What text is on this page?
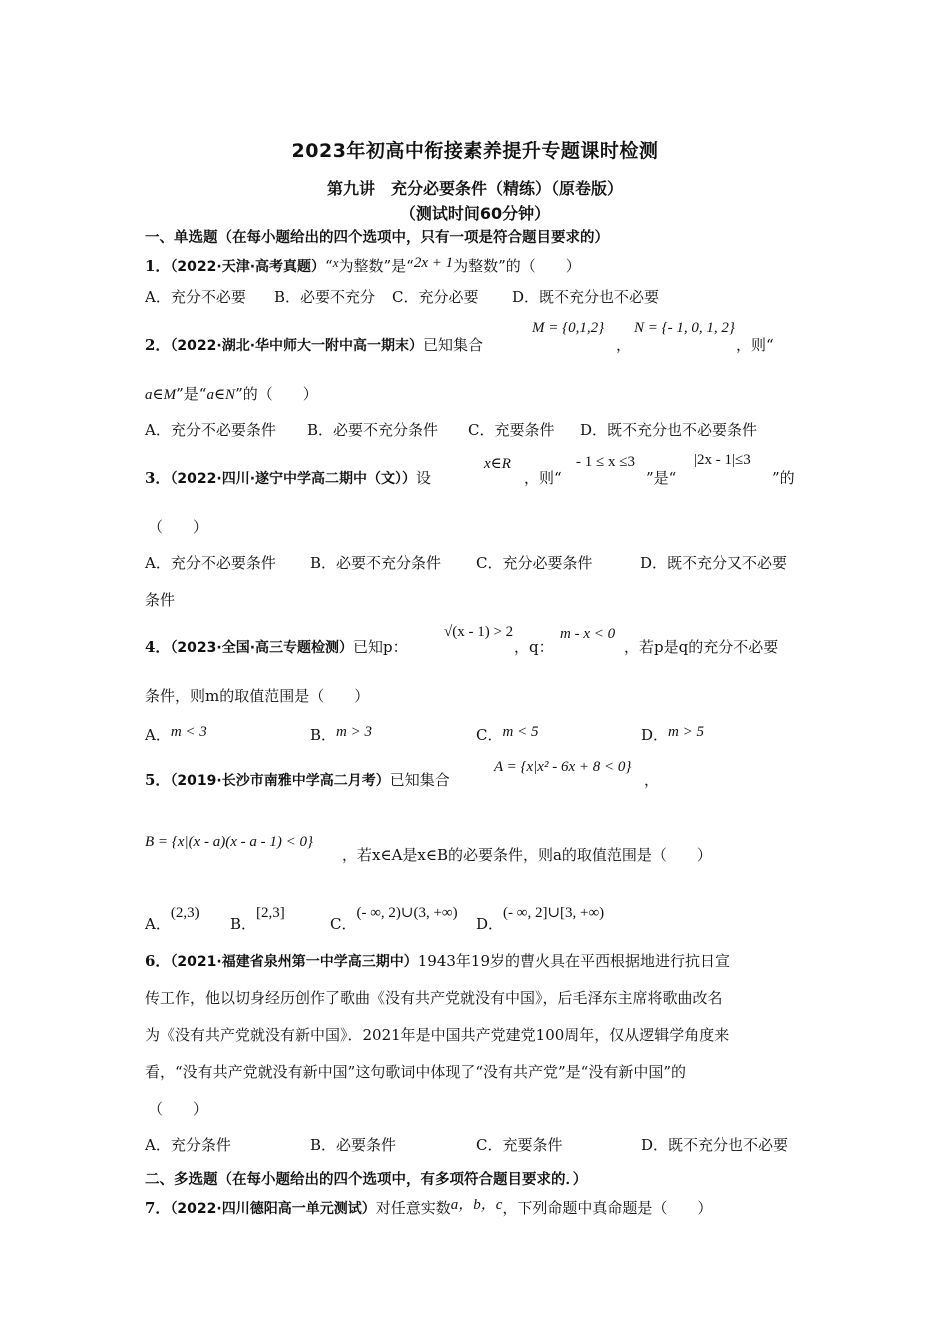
2023年初高中衔接素养提升专题课时检测
第九讲　充分必要条件（精练）（原卷版）
（测试时间60分钟）
一、单选题（在每小题给出的四个选项中，只有一项是符合题目要求的）
1．（2022·天津·高考真题）“x为整数”是“2x + 1为整数”的（　　）
A．充分不必要 B．必要不充分 C．充分必要 D．既不充分也不必要
2．（2022·湖北·华中师大一附中高一期末）已知集合
M = {0,1,2}
，
N = {- 1, 0, 1, 2}
，则“
a∈M”是“a∈N”的（　　）
A．充分不必要条件 B．必要不充分条件 C．充要条件 D．既不充分也不必要条件
3．（2022·四川·遂宁中学高二期中（文））设
x∈R
，则“
- 1 ≤ x ≤3
”是“
|2x - 1|≤3
”的
（　　）
A．充分不必要条件 B．必要不充分条件 C．充分必要条件	D．既不充分又不必要
条件
4．（2023·全国·高三专题检测）已知p：
√(x - 1) > 2
，q：
m - x < 0
，若p是q的充分不必要
条件，则m的取值范围是（　　）
A．m < 3	B．m > 3	C．m < 5	D．m > 5
5．（2019·长沙市南雅中学高二月考）已知集合
A = {x|x² - 6x + 8 < 0}
，
B = {x|(x - a)(x - a - 1) < 0}
，若x∈A是x∈B的必要条件，则a的取值范围是（　　）
A．(2,3)
B．[2,3]
C．(- ∞, 2)∪(3, +∞)
D．(- ∞, 2]∪[3, +∞)
6．（2021·福建省泉州第一中学高三期中）1943年19岁的曹火具在平西根据地进行抗日宣
传工作，他以切身经历创作了歌曲《没有共产党就没有中国》，后毛泽东主席将歌曲改名
为《没有共产党就没有新中国》．2021年是中国共产党建党100周年，仅从逻辑学角度来
看，“没有共产党就没有新中国”这句歌词中体现了“没有共产党”是“没有新中国”的
（　　）
A．充分条件	B．必要条件	C．充要条件	D．既不充分也不必要
二、多选题（在每小题给出的四个选项中，有多项符合题目要求的．）
7．（2022·四川德阳高一单元测试）对任意实数a，b，c，下列命题中真命题是（　　）
